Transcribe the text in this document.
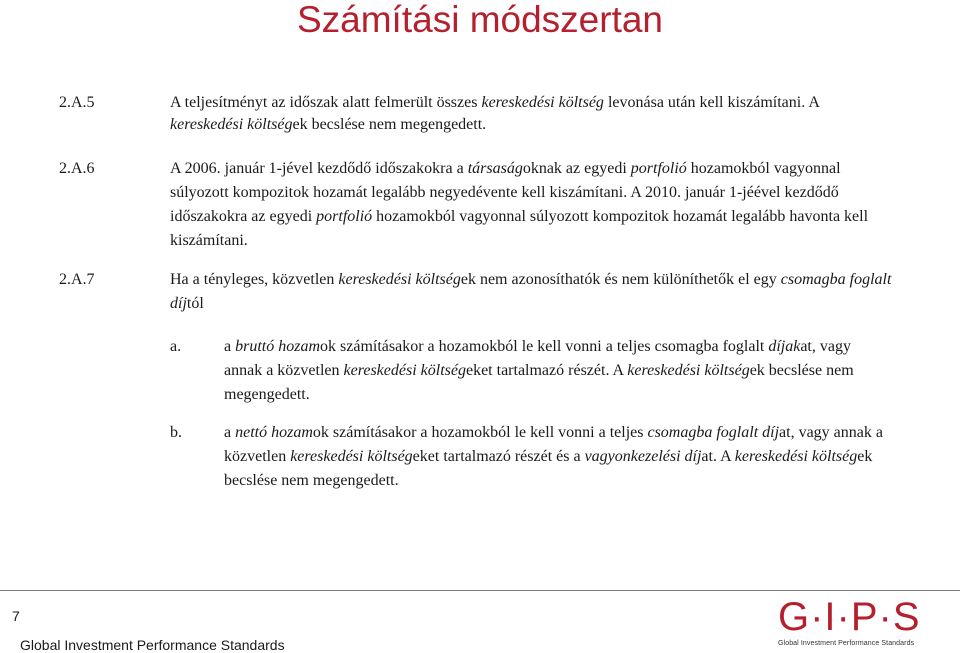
Számítási módszertan
2.A.5	A teljesítményt az időszak alatt felmerült összes kereskedési költség levonása után kell kiszámítani. A kereskedési költségek becslése nem megengedett.
2.A.6	A 2006. január 1-jével kezdődő időszakokra a társaságoknak az egyedi portfolió hozamokból vagyonnal súlyozott kompozitok hozamát legalább negyedévente kell kiszámítani. A 2010. január 1-jéével kezdődő időszakokra az egyedi portfolió hozamokból vagyonnal súlyozott kompozitok hozamát legalább havonta kell kiszámítani.
2.A.7	Ha a tényleges, közvetlen kereskedési költségek nem azonosíthatók és nem különíthetők el egy csomagba foglalt díjtól
a.	a bruttó hozamok számításakor a hozamokból le kell vonni a teljes csomagba foglalt díjakat, vagy annak a közvetlen kereskedési költségeket tartalmazó részét. A kereskedési költségek becslése nem megengedett.
b.	a nettó hozamok számításakor a hozamokból le kell vonni a teljes csomagba foglalt díjat, vagy annak a közvetlen kereskedési költségeket tartalmazó részét és a vagyonkezelési díjat. A kereskedési költségek becslése nem megengedett.
7
Global Investment Performance Standards
G·I·P·S
Global Investment Performance Standards
